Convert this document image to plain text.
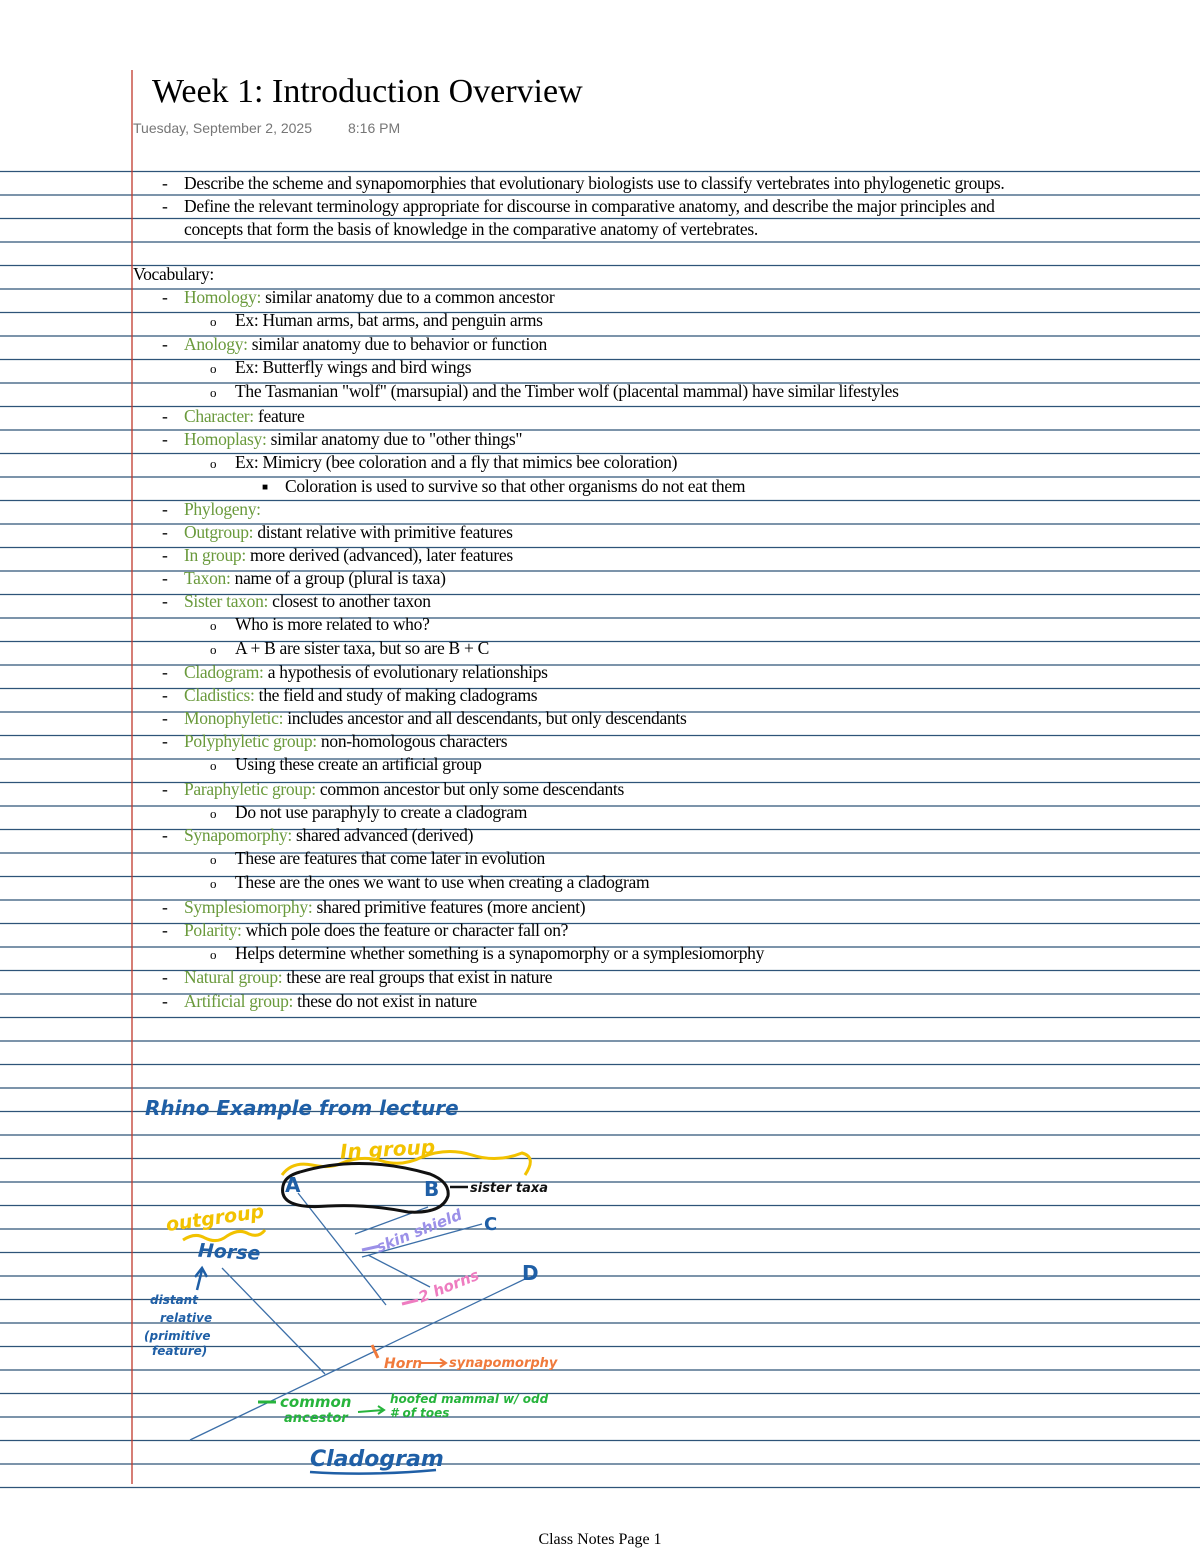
Week 1: Introduction Overview
Tuesday, September 2, 2025	8:16 PM
- Describe the scheme and synapomorphies that evolutionary biologists use to classify vertebrates into phylogenetic groups.
- Define the relevant terminology appropriate for discourse in comparative anatomy, and describe the major principles and
concepts that form the basis of knowledge in the comparative anatomy of vertebrates.
Vocabulary:
- Homology: similar anatomy due to a common ancestor
o Ex: Human arms, bat arms, and penguin arms
- Anology: similar anatomy due to behavior or function
o Ex: Butterfly wings and bird wings
o The Tasmanian "wolf" (marsupial) and the Timber wolf (placental mammal) have similar lifestyles
- Character: feature
- Homoplasy: similar anatomy due to "other things"
o Ex: Mimicry (bee coloration and a fly that mimics bee coloration)
■ Coloration is used to survive so that other organisms do not eat them
- Phylogeny:
- Outgroup: distant relative with primitive features
- In group: more derived (advanced), later features
- Taxon: name of a group (plural is taxa)
- Sister taxon: closest to another taxon
o Who is more related to who?
o A + B are sister taxa, but so are B + C
- Cladogram: a hypothesis of evolutionary relationships
- Cladistics: the field and study of making cladograms
- Monophyletic: includes ancestor and all descendants, but only descendants
- Polyphyletic group: non-homologous characters
o Using these create an artificial group
- Paraphyletic group: common ancestor but only some descendants
o Do not use paraphyly to create a cladogram
- Synapomorphy: shared advanced (derived)
o These are features that come later in evolution
o These are the ones we want to use when creating a cladogram
- Symplesiomorphy: shared primitive features (more ancient)
- Polarity: which pole does the feature or character fall on?
o Helps determine whether something is a synapomorphy or a symplesiomorphy
- Natural group: these are real groups that exist in nature
- Artificial group: these do not exist in nature
Rhino Example from lecture
In group
A	B
C
D
sister taxa
outgroup
Horse
distant
relative
(primitive
feature)
skin shield
2 horns
Horn synapomorphy
common
ancestor
hoofed mammal w/ odd
# of toes
Cladogram
Class Notes Page 1
